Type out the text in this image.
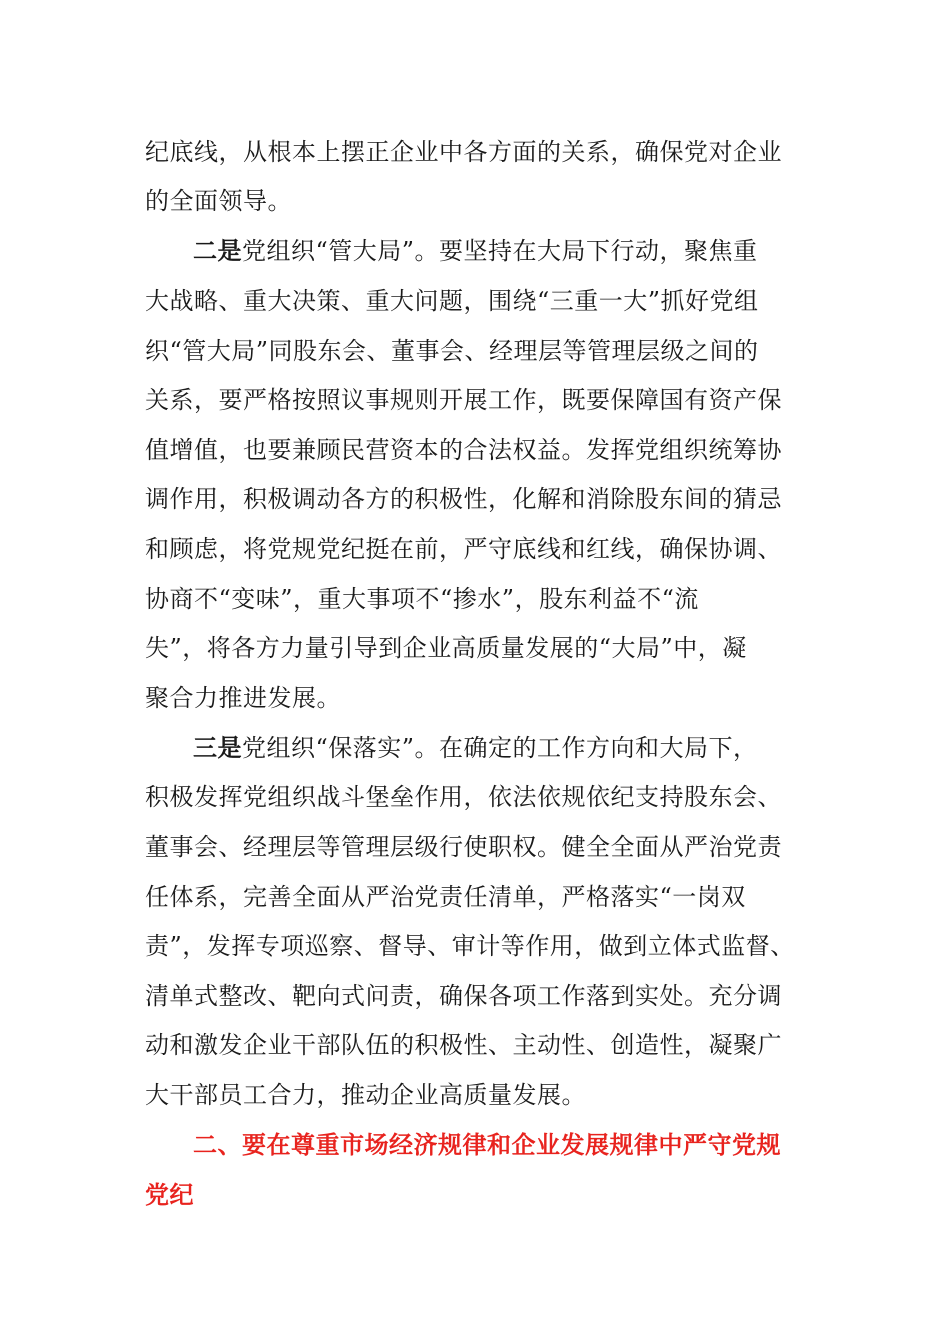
纪底线，从根本上摆正企业中各方面的关系，确保党对企业
的全面领导。
二是党组织“管大局”。要坚持在大局下行动，聚焦重
大战略、重大决策、重大问题，围绕“三重一大”抓好党组
织“管大局”同股东会、董事会、经理层等管理层级之间的
关系，要严格按照议事规则开展工作，既要保障国有资产保
值增值，也要兼顾民营资本的合法权益。发挥党组织统筹协
调作用，积极调动各方的积极性，化解和消除股东间的猜忌
和顾虑，将党规党纪挺在前，严守底线和红线，确保协调、
协商不“变味”，重大事项不“掺水”，股东利益不“流
失”，将各方力量引导到企业高质量发展的“大局”中，凝
聚合力推进发展。
三是党组织“保落实”。在确定的工作方向和大局下，
积极发挥党组织战斗堡垒作用，依法依规依纪支持股东会、
董事会、经理层等管理层级行使职权。健全全面从严治党责
任体系，完善全面从严治党责任清单，严格落实“一岗双
责”，发挥专项巡察、督导、审计等作用，做到立体式监督、
清单式整改、靶向式问责，确保各项工作落到实处。充分调
动和激发企业干部队伍的积极性、主动性、创造性，凝聚广
大干部员工合力，推动企业高质量发展。
二、要在尊重市场经济规律和企业发展规律中严守党规
党纪
